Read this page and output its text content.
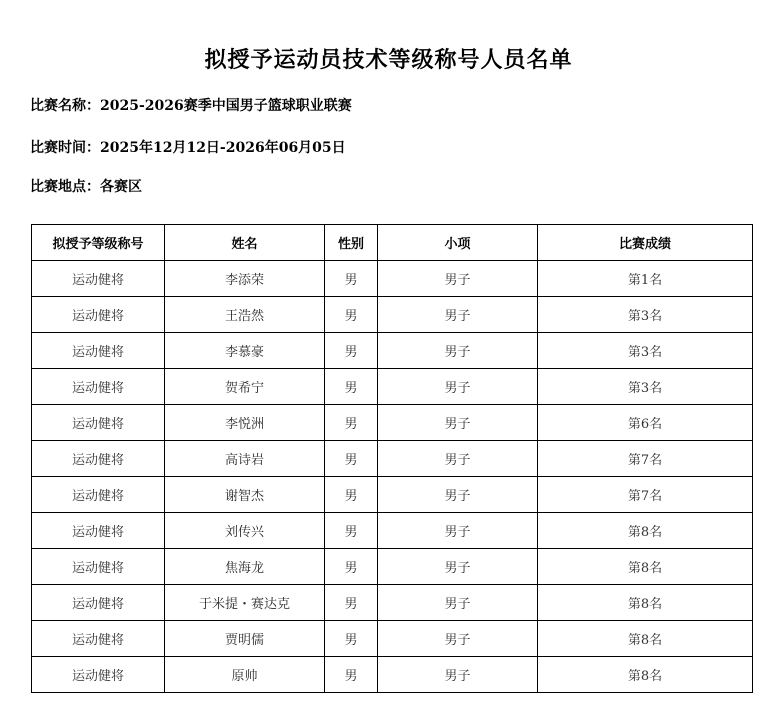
拟授予运动员技术等级称号人员名单
比赛名称：2025-2026赛季中国男子篮球职业联赛
比赛时间：2025年12月12日-2026年06月05日
比赛地点：各赛区
拟授予等级称号	姓名	性别	小项	比赛成绩
运动健将	李添荣	男	男子	第1名
运动健将	王浩然	男	男子	第3名
运动健将	李慕豪	男	男子	第3名
运动健将	贺希宁	男	男子	第3名
运动健将	李悦洲	男	男子	第6名
运动健将	高诗岩	男	男子	第7名
运动健将	谢智杰	男	男子	第7名
运动健将	刘传兴	男	男子	第8名
运动健将	焦海龙	男	男子	第8名
运动健将	于米提・赛达克	男	男子	第8名
运动健将	贾明儒	男	男子	第8名
运动健将	原帅	男	男子	第8名
